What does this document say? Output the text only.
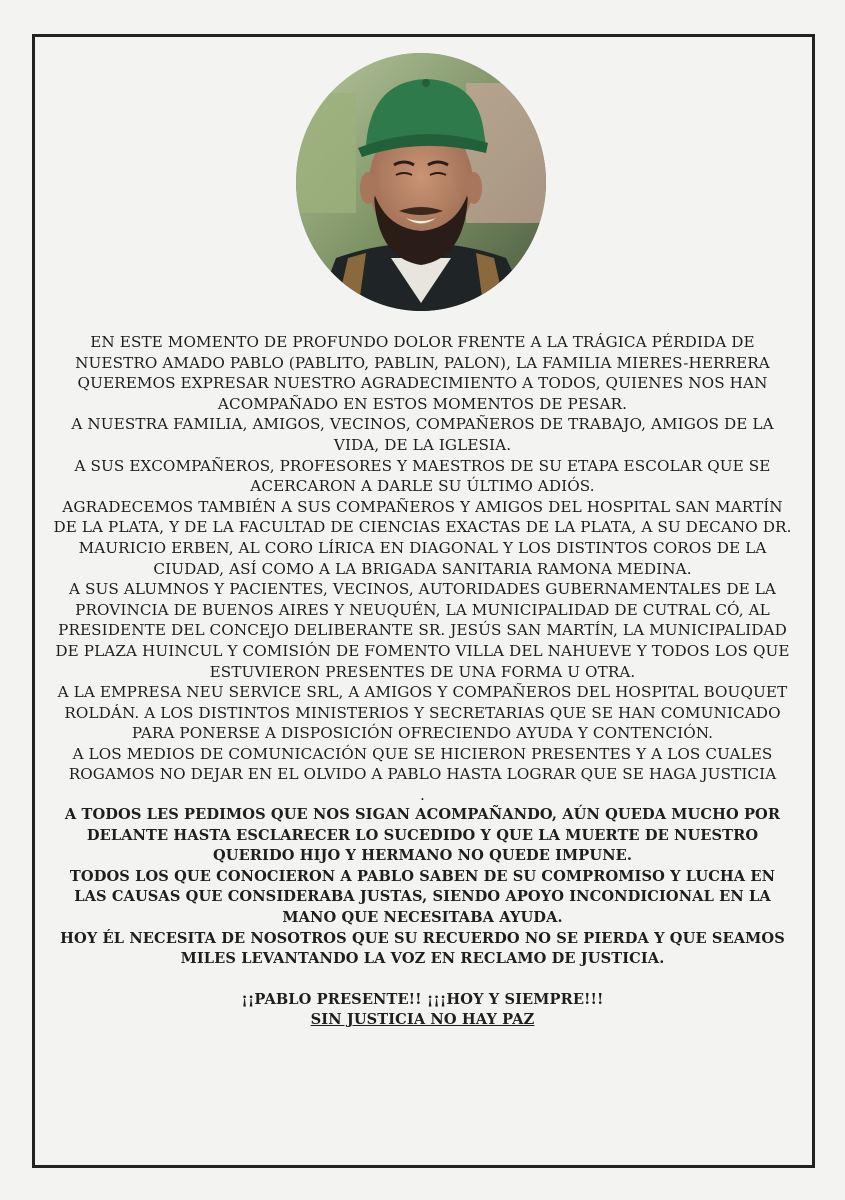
EN ESTE MOMENTO DE PROFUNDO DOLOR FRENTE A LA TRÁGICA PÉRDIDA DE NUESTRO AMADO PABLO (PABLITO, PABLIN, PALON), LA FAMILIA MIERES-HERRERA QUEREMOS EXPRESAR NUESTRO AGRADECIMIENTO A TODOS, QUIENES NOS HAN ACOMPAÑADO EN ESTOS MOMENTOS DE PESAR.

A NUESTRA FAMILIA, AMIGOS, VECINOS, COMPAÑEROS DE TRABAJO, AMIGOS DE LA VIDA, DE LA IGLESIA.

A SUS EXCOMPAÑEROS, PROFESORES Y MAESTROS DE SU ETAPA ESCOLAR QUE SE ACERCARON A DARLE SU ÚLTIMO ADIÓS.

AGRADECEMOS TAMBIÉN A SUS COMPAÑEROS Y AMIGOS DEL HOSPITAL SAN MARTÍN DE LA PLATA, Y DE LA FACULTAD DE CIENCIAS EXACTAS DE LA PLATA, A SU DECANO DR. MAURICIO ERBEN, AL CORO LÍRICA EN DIAGONAL Y LOS DISTINTOS COROS DE LA CIUDAD, ASÍ COMO A LA BRIGADA SANITARIA RAMONA MEDINA.

A SUS ALUMNOS Y PACIENTES, VECINOS, AUTORIDADES GUBERNAMENTALES DE LA PROVINCIA DE BUENOS AIRES Y NEUQUÉN, LA MUNICIPALIDAD DE CUTRAL CÓ, AL PRESIDENTE DEL CONCEJO DELIBERANTE SR. JESÚS SAN MARTÍN, LA MUNICIPALIDAD DE PLAZA HUINCUL Y COMISIÓN DE FOMENTO VILLA DEL NAHUEVE Y TODOS LOS QUE ESTUVIERON PRESENTES DE UNA FORMA U OTRA.

A LA EMPRESA NEU SERVICE SRL, A AMIGOS Y COMPAÑEROS DEL HOSPITAL BOUQUET ROLDÁN. A LOS DISTINTOS MINISTERIOS Y SECRETARIAS QUE SE HAN COMUNICADO PARA PONERSE A DISPOSICIÓN OFRECIENDO AYUDA Y CONTENCIÓN.

A LOS MEDIOS DE COMUNICACIÓN QUE SE HICIERON PRESENTES Y A LOS CUALES ROGAMOS NO DEJAR EN EL OLVIDO A PABLO HASTA LOGRAR QUE SE HAGA JUSTICIA

.

A TODOS LES PEDIMOS QUE NOS SIGAN ACOMPAÑANDO, AÚN QUEDA MUCHO POR DELANTE HASTA ESCLARECER LO SUCEDIDO Y QUE LA MUERTE DE NUESTRO QUERIDO HIJO Y HERMANO NO QUEDE IMPUNE.

TODOS LOS QUE CONOCIERON A PABLO SABEN DE SU COMPROMISO Y LUCHA EN LAS CAUSAS QUE CONSIDERABA JUSTAS, SIENDO APOYO INCONDICIONAL EN LA MANO QUE NECESITABA AYUDA.

HOY ÉL NECESITA DE NOSOTROS QUE SU RECUERDO NO SE PIERDA Y QUE SEAMOS MILES LEVANTANDO LA VOZ EN RECLAMO DE JUSTICIA.

¡¡PABLO PRESENTE!! ¡¡¡HOY Y SIEMPRE!!!

SIN JUSTICIA NO HAY PAZ
